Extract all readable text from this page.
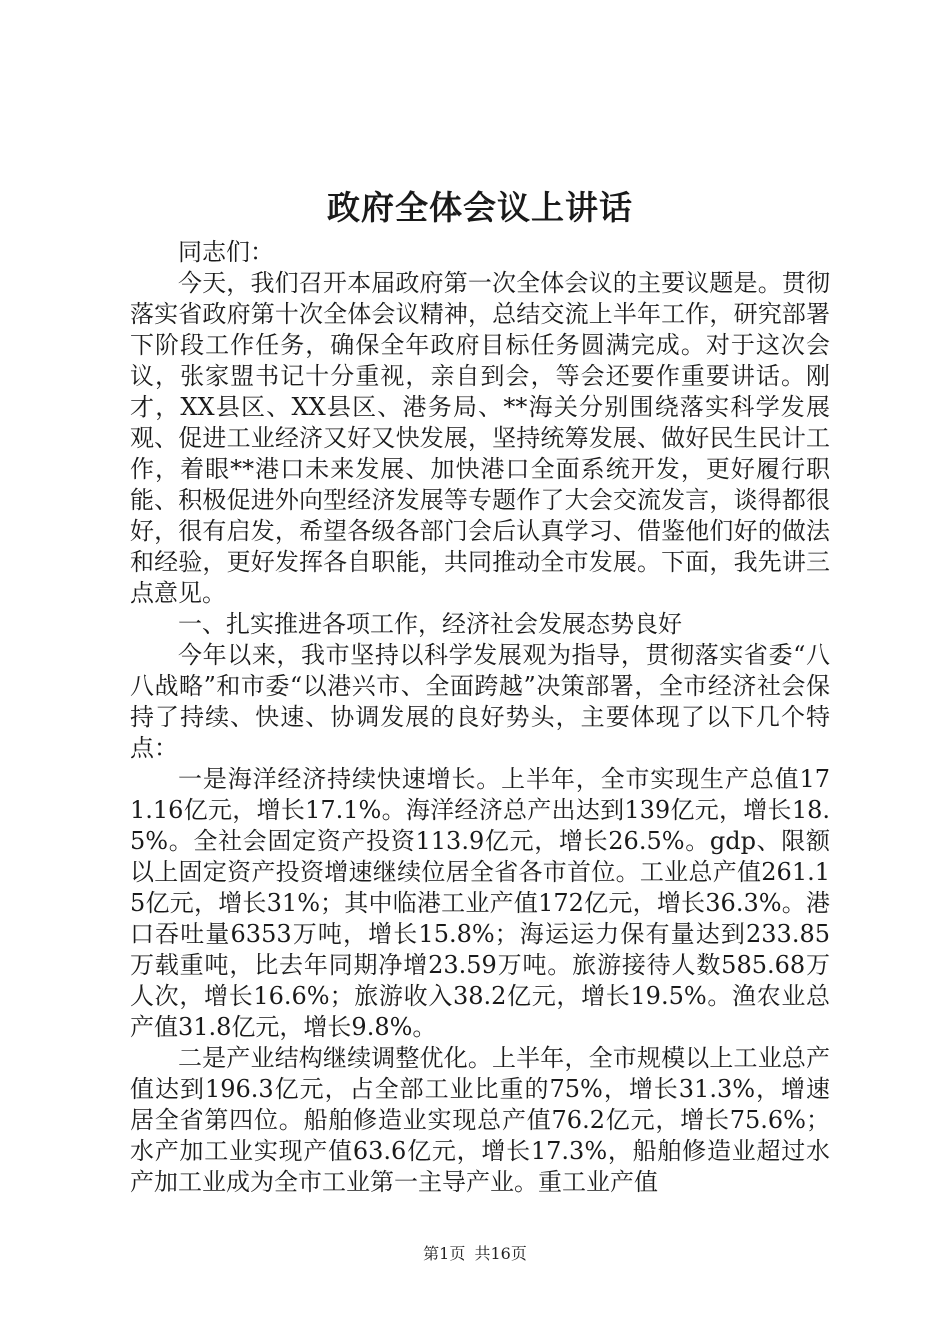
政府全体会议上讲话

同志们：

今天，我们召开本届政府第一次全体会议的主要议题是。贯彻落实省政府第十次全体会议精神，总结交流上半年工作，研究部署下阶段工作任务，确保全年政府目标任务圆满完成。对于这次会议，张家盟书记十分重视，亲自到会，等会还要作重要讲话。刚才，XX县区、XX县区、港务局、**海关分别围绕落实科学发展观、促进工业经济又好又快发展，坚持统筹发展、做好民生民计工作，着眼**港口未来发展、加快港口全面系统开发，更好履行职能、积极促进外向型经济发展等专题作了大会交流发言，谈得都很好，很有启发，希望各级各部门会后认真学习、借鉴他们好的做法和经验，更好发挥各自职能，共同推动全市发展。下面，我先讲三点意见。

一、扎实推进各项工作，经济社会发展态势良好

今年以来，我市坚持以科学发展观为指导，贯彻落实省委“八八战略”和市委“以港兴市、全面跨越”决策部署，全市经济社会保持了持续、快速、协调发展的良好势头，主要体现了以下几个特点：

一是海洋经济持续快速增长。上半年，全市实现生产总值171.16亿元，增长17.1%。海洋经济总产出达到139亿元，增长18.5%。全社会固定资产投资113.9亿元，增长26.5%。gdp、限额以上固定资产投资增速继续位居全省各市首位。工业总产值261.15亿元，增长31%；其中临港工业产值172亿元，增长36.3%。港口吞吐量6353万吨，增长15.8%；海运运力保有量达到233.85万载重吨，比去年同期净增23.59万吨。旅游接待人数585.68万人次，增长16.6%；旅游收入38.2亿元，增长19.5%。渔农业总产值31.8亿元，增长9.8%。

二是产业结构继续调整优化。上半年，全市规模以上工业总产值达到196.3亿元，占全部工业比重的75%，增长31.3%，增速居全省第四位。船舶修造业实现总产值76.2亿元，增长75.6%；水产加工业实现产值63.6亿元，增长17.3%，船舶修造业超过水产加工业成为全市工业第一主导产业。重工业产值

第1页 共16页
